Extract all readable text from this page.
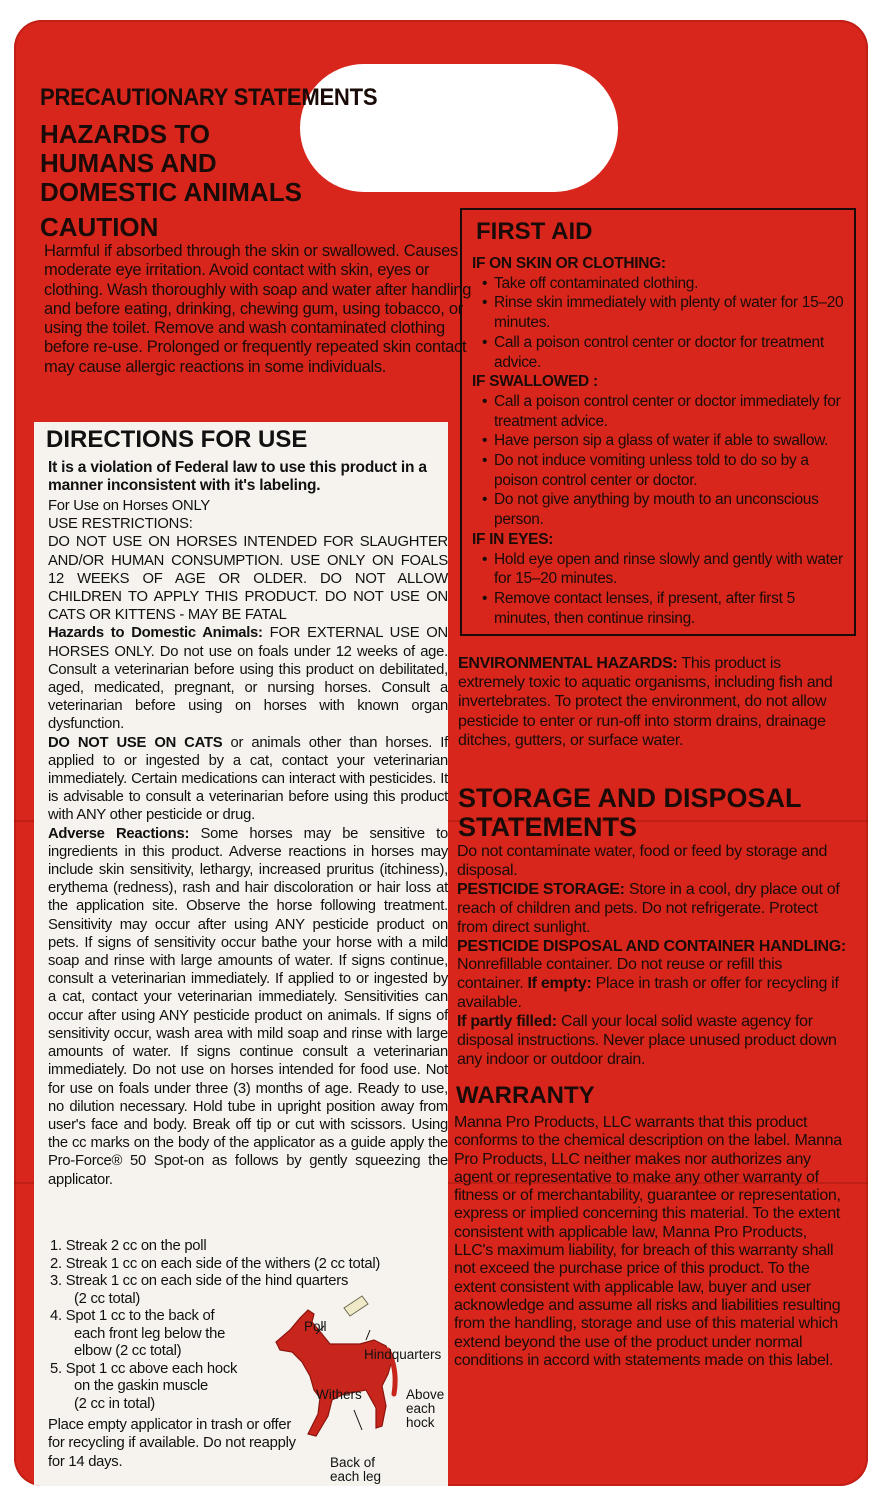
PRECAUTIONARY STATEMENTS
HAZARDS TO HUMANS AND DOMESTIC ANIMALS
CAUTION
Harmful if absorbed through the skin or swallowed. Causes moderate eye irritation. Avoid contact with skin, eyes or clothing. Wash thoroughly with soap and water after handling and before eating, drinking, chewing gum, using tobacco, or using the toilet. Remove and wash contaminated clothing before re-use. Prolonged or frequently repeated skin contact may cause allergic reactions in some individuals.
DIRECTIONS FOR USE
It is a violation of Federal law to use this product in a manner inconsistent with it's labeling.

For Use on Horses ONLY

USE RESTRICTIONS:

DO NOT USE ON HORSES INTENDED FOR SLAUGHTER AND/OR HUMAN CONSUMPTION. USE ONLY ON FOALS 12 WEEKS OF AGE OR OLDER. DO NOT ALLOW CHILDREN TO APPLY THIS PRODUCT. DO NOT USE ON CATS OR KITTENS - MAY BE FATAL

Hazards to Domestic Animals: FOR EXTERNAL USE ON HORSES ONLY. Do not use on foals under 12 weeks of age. Consult a veterinarian before using this product on debilitated, aged, medicated, pregnant, or nursing horses. Consult a veterinarian before using on horses with known organ dysfunction.

DO NOT USE ON CATS or animals other than horses. If applied to or ingested by a cat, contact your veterinarian immediately. Certain medications can interact with pesticides. It is advisable to consult a veterinarian before using this product with ANY other pesticide or drug.

Adverse Reactions: Some horses may be sensitive to ingredients in this product. Adverse reactions in horses may include skin sensitivity, lethargy, increased pruritus (itchiness), erythema (redness), rash and hair discoloration or hair loss at the application site. Observe the horse following treatment. Sensitivity may occur after using ANY pesticide product on pets. If signs of sensitivity occur bathe your horse with a mild soap and rinse with large amounts of water. If signs continue, consult a veterinarian immediately. If applied to or ingested by a cat, contact your veterinarian immediately. Sensitivities can occur after using ANY pesticide product on animals. If signs of sensitivity occur, wash area with mild soap and rinse with large amounts of water. If signs continue consult a veterinarian immediately. Do not use on horses intended for food use. Not for use on foals under three (3) months of age. Ready to use, no dilution necessary. Hold tube in upright position away from user's face and body. Break off tip or cut with scissors. Using the cc marks on the body of the applicator as a guide apply the Pro-Force® 50 Spot-on as follows by gently squeezing the applicator.

1. Streak 2 cc on the poll

2. Streak 1 cc on each side of the withers (2 cc total)

3. Streak 1 cc on each side of the hind quarters

(2 cc total)

4. Spot 1 cc to the back of

each front leg below the

elbow (2 cc total)

5. Spot 1 cc above each hock

on the gaskin muscle

(2 cc in total)

Poll
Hindquarters
Withers	Above each hock
Back of each leg
Place empty applicator in trash or offer for recycling if available. Do not reapply for 14 days.
FIRST AID

IF ON SKIN OR CLOTHING:

• Take off contaminated clothing.
• Rinse skin immediately with plenty of water for 15–20 minutes.
• Call a poison control center or doctor for treatment advice.

IF SWALLOWED :

• Call a poison control center or doctor immediately for treatment advice.
• Have person sip a glass of water if able to swallow.
• Do not induce vomiting unless told to do so by a poison control center or doctor.
• Do not give anything by mouth to an unconscious person.

IF IN EYES:

• Hold eye open and rinse slowly and gently with water for 15–20 minutes.
• Remove contact lenses, if present, after first 5 minutes, then continue rinsing.
ENVIRONMENTAL HAZARDS: This product is extremely toxic to aquatic organisms, including fish and invertebrates. To protect the environment, do not allow pesticide to enter or run-off into storm drains, drainage ditches, gutters, or surface water.
STORAGE AND DISPOSAL STATEMENTS

Do not contaminate water, food or feed by storage and disposal.

PESTICIDE STORAGE: Store in a cool, dry place out of reach of children and pets. Do not refrigerate. Protect from direct sunlight.

PESTICIDE DISPOSAL AND CONTAINER HANDLING: Nonrefillable container. Do not reuse or refill this container. If empty: Place in trash or offer for recycling if available.

If partly filled: Call your local solid waste agency for disposal instructions. Never place unused product down any indoor or outdoor drain.

WARRANTY
Manna Pro Products, LLC warrants that this product conforms to the chemical description on the label. Manna Pro Products, LLC neither makes nor authorizes any agent or representative to make any other warranty of fitness or of merchantability, guarantee or representation, express or implied concerning this material. To the extent consistent with applicable law, Manna Pro Products, LLC's maximum liability, for breach of this warranty shall not exceed the purchase price of this product. To the extent consistent with applicable law, buyer and user acknowledge and assume all risks and liabilities resulting from the handling, storage and use of this material which extend beyond the use of the product under normal conditions in accord with statements made on this label.
